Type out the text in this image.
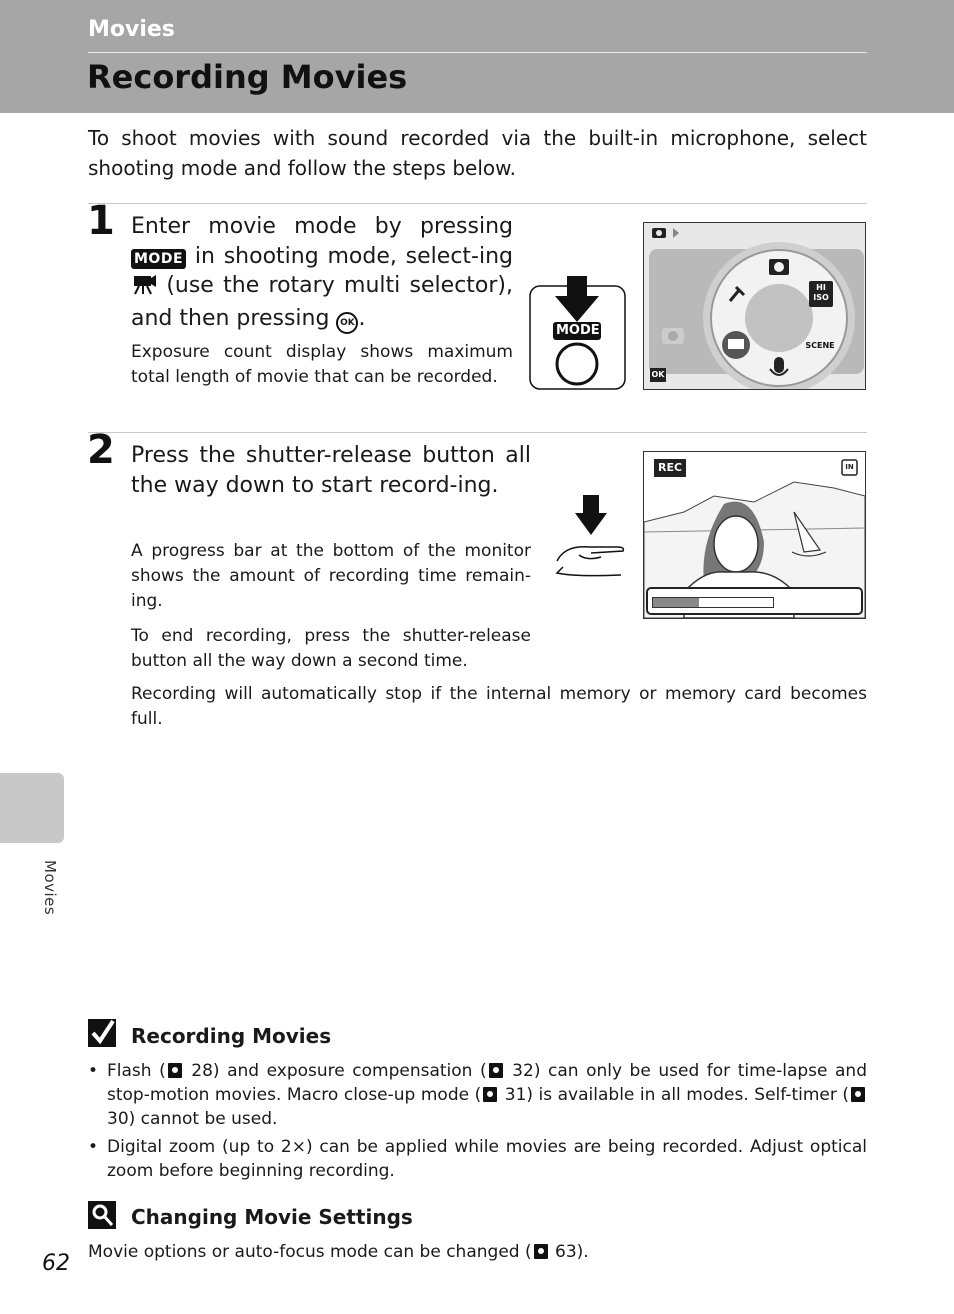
Movies
Recording Movies

To shoot movies with sound recorded via the built-in microphone, select shooting mode and follow the steps below.

1 Enter movie mode by pressing MODE in shooting mode, select-ing  (use the rotary multi selector), and then pressing OK .

Exposure count display shows maximum total length of movie that can be recorded.

MODE
OK
HI ISO
SCENE
2 Press the shutter-release button all the way down to start record-ing.

A progress bar at the bottom of the monitor shows the amount of recording time remain-ing.

To end recording, press the shutter-release button all the way down a second time.

Recording will automatically stop if the internal memory or memory card becomes full.

REC	IN
Movies
Recording Movies
• Flash ( 28) and exposure compensation ( 32) can only be used for time-lapse and stop-motion movies. Macro close-up mode ( 31) is available in all modes. Self-timer ( 30) cannot be used.

• Digital zoom (up to 2×) can be applied while movies are being recorded. Adjust optical zoom before beginning recording.

Changing Movie Settings

Movie options or auto-focus mode can be changed ( 63).

62
